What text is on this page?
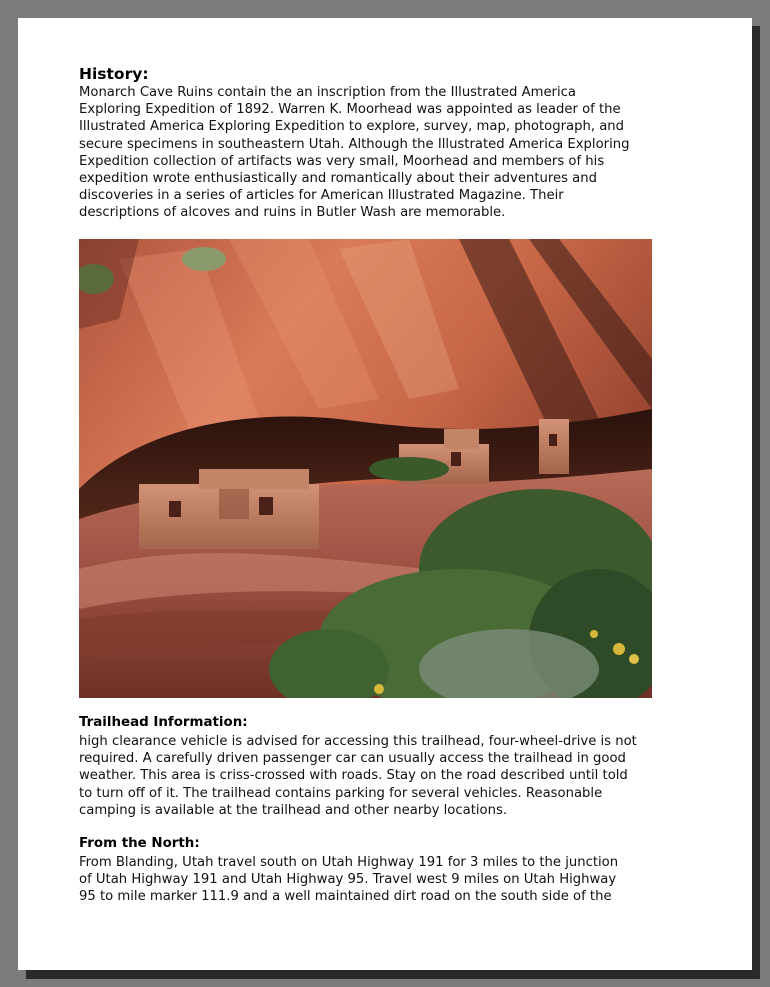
History:
Monarch Cave Ruins contain the an inscription from the Illustrated America
Exploring Expedition of 1892. Warren K. Moorhead was appointed as leader of the
Illustrated America Exploring Expedition to explore, survey, map, photograph, and
secure specimens in southeastern Utah. Although the Illustrated America Exploring
Expedition collection of artifacts was very small, Moorhead and members of his
expedition wrote enthusiastically and romantically about their adventures and
discoveries in a series of articles for American Illustrated Magazine. Their
descriptions of alcoves and ruins in Butler Wash are memorable.
Trailhead Information:
high clearance vehicle is advised for accessing this trailhead, four-wheel-drive is not
required. A carefully driven passenger car can usually access the trailhead in good
weather. This area is criss-crossed with roads. Stay on the road described until told
to turn off of it. The trailhead contains parking for several vehicles. Reasonable
camping is available at the trailhead and other nearby locations.
From the North:
From Blanding, Utah travel south on Utah Highway 191 for 3 miles to the junction
of Utah Highway 191 and Utah Highway 95. Travel west 9 miles on Utah Highway
95 to mile marker 111.9 and a well maintained dirt road on the south side of the
